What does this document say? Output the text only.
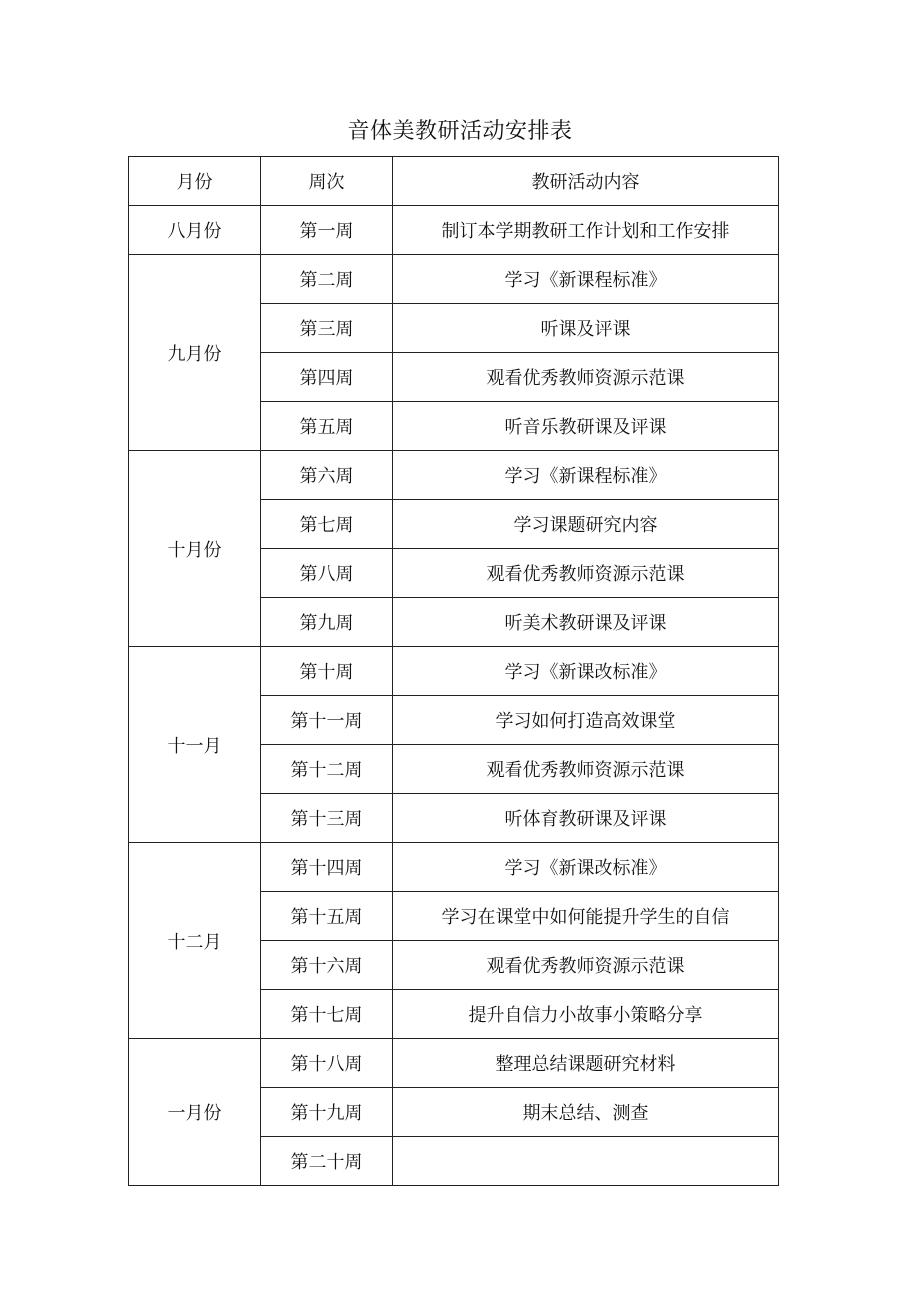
音体美教研活动安排表
月份	周次	教研活动内容
八月份	第一周	制订本学期教研工作计划和工作安排
九月份	第二周	学习《新课程标准》
	第三周	听课及评课
	第四周	观看优秀教师资源示范课
	第五周	听音乐教研课及评课
十月份	第六周	学习《新课程标准》
	第七周	学习课题研究内容
	第八周	观看优秀教师资源示范课
	第九周	听美术教研课及评课
十一月	第十周	学习《新课改标准》
	第十一周	学习如何打造高效课堂
	第十二周	观看优秀教师资源示范课
	第十三周	听体育教研课及评课
十二月	第十四周	学习《新课改标准》
	第十五周	学习在课堂中如何能提升学生的自信
	第十六周	观看优秀教师资源示范课
	第十七周	提升自信力小故事小策略分享
一月份	第十八周	整理总结课题研究材料
	第十九周	期末总结、测查
	第二十周	
